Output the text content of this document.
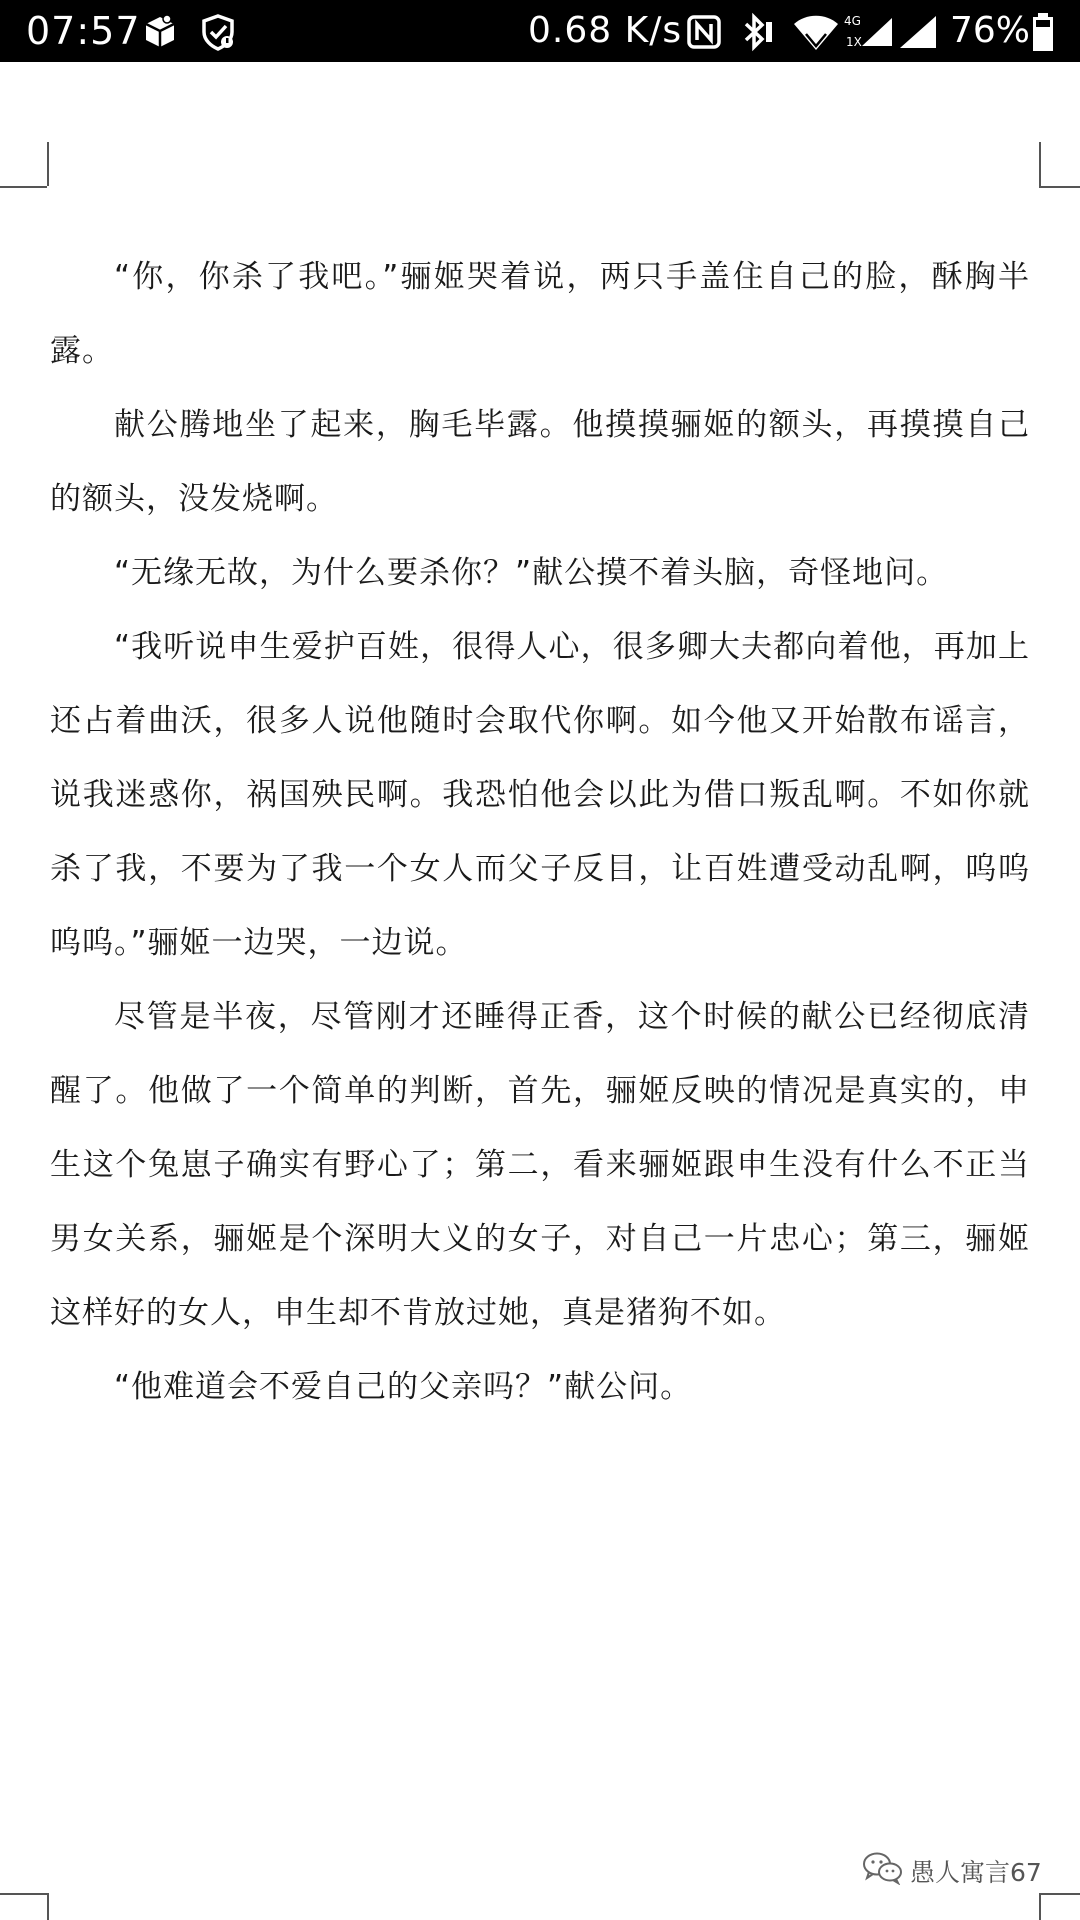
07:57	0.68 K/s	4G
1X 76%

“你，你杀了我吧。”骊姬哭着说，两只手盖住自己的脸，酥胸半露。

献公腾地坐了起来，胸毛毕露。他摸摸骊姬的额头，再摸摸自己的额头，没发烧啊。

“无缘无故，为什么要杀你？”献公摸不着头脑，奇怪地问。

“我听说申生爱护百姓，很得人心，很多卿大夫都向着他，再加上还占着曲沃，很多人说他随时会取代你啊。如今他又开始散布谣言，说我迷惑你，祸国殃民啊。我恐怕他会以此为借口叛乱啊。不如你就杀了我，不要为了我一个女人而父子反目，让百姓遭受动乱啊，呜呜呜呜。”骊姬一边哭，一边说。

尽管是半夜，尽管刚才还睡得正香，这个时候的献公已经彻底清醒了。他做了一个简单的判断，首先，骊姬反映的情况是真实的，申生这个兔崽子确实有野心了；第二，看来骊姬跟申生没有什么不正当男女关系，骊姬是个深明大义的女子，对自己一片忠心；第三，骊姬这样好的女人，申生却不肯放过她，真是猪狗不如。

“他难道会不爱自己的父亲吗？”献公问。

愚人寓言67
